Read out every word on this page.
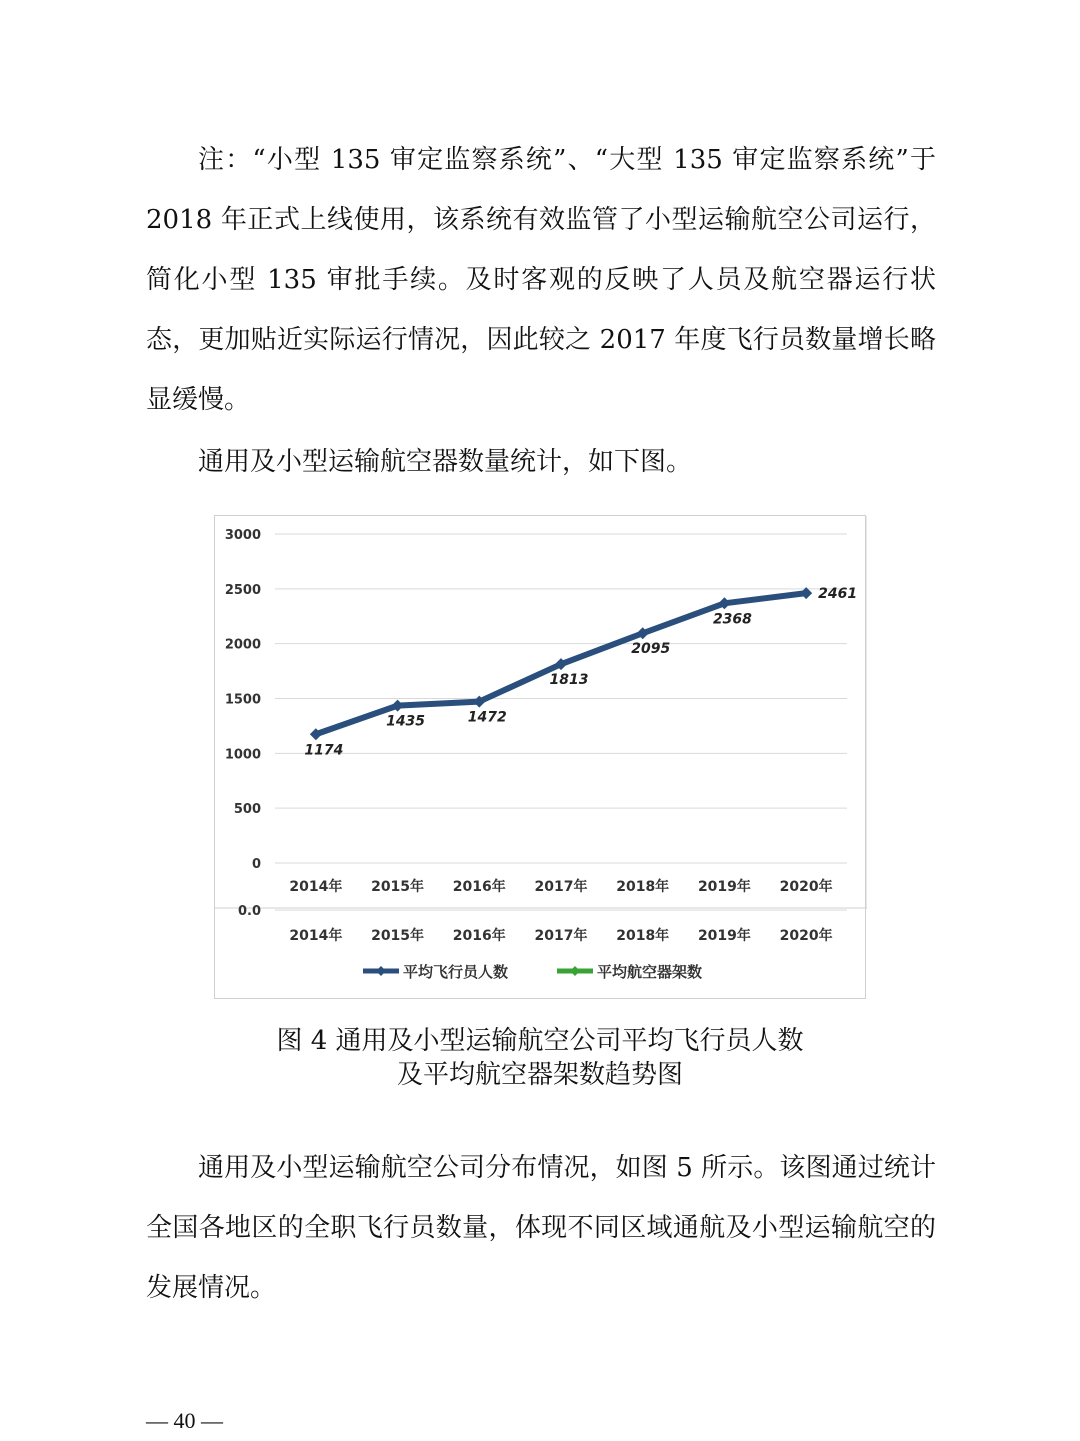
注：“小型 135 审定监察系统”、“大型 135 审定监察系统”于 2018 年正式上线使用，该系统有效监管了小型运输航空公司运行，简化小型 135 审批手续。及时客观的反映了人员及航空器运行状态，更加贴近实际运行情况，因此较之 2017 年度飞行员数量增长略显缓慢。

通用及小型运输航空器数量统计，如下图。

0
500
1000
1500
2000
2500
3000
2014年 2015年 2016年 2017年 2018年 2019年 2020年
0.0
2014年 2015年 2016年 2017年 2018年 2019年 2020年
1174
1435	1472
1813
2095
2368
2461
平均飞行员人数	平均航空器架数
图 4 通用及小型运输航空公司平均飞行员人数
及平均航空器架数趋势图

通用及小型运输航空公司分布情况，如图 5 所示。该图通过统计全国各地区的全职飞行员数量，体现不同区域通航及小型运输航空的发展情况。

— 40 —
